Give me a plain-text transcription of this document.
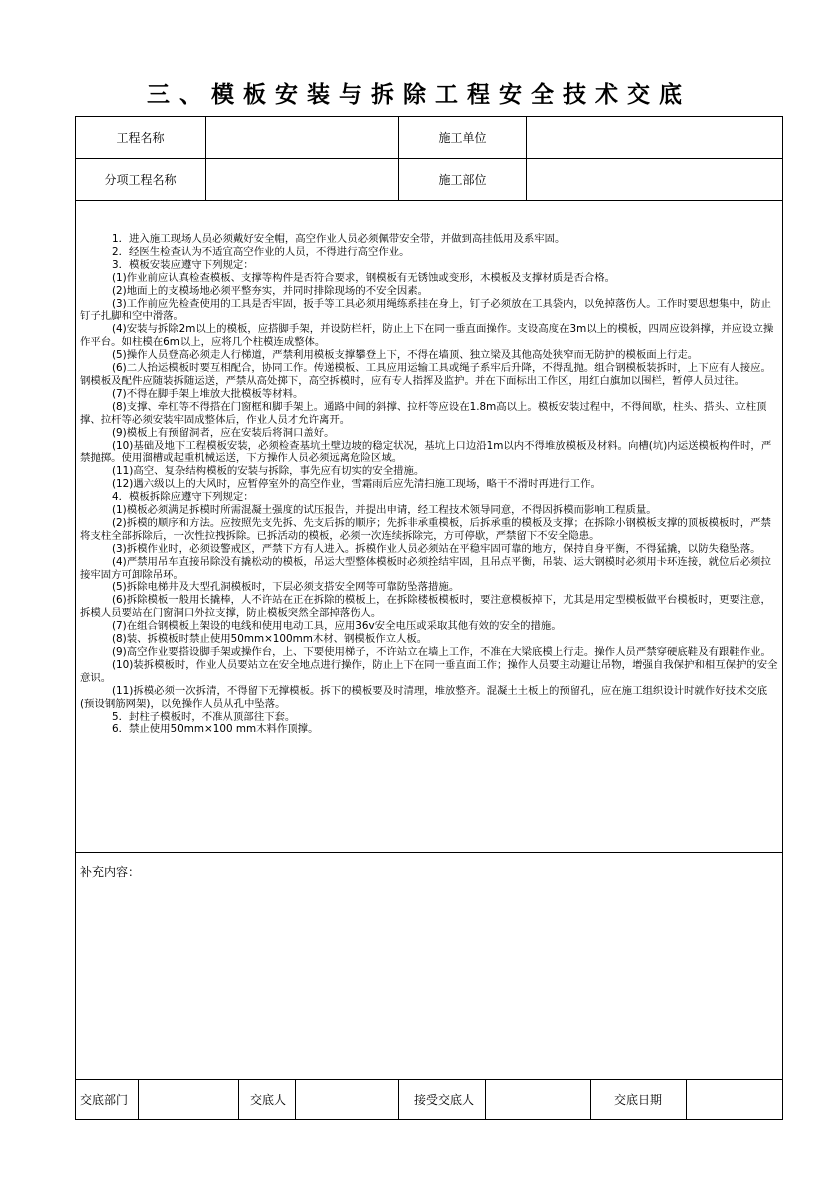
三、模板安装与拆除工程安全技术交底
工程名称	施工单位
分项工程名称	施工部位

1．进入施工现场人员必须戴好安全帽，高空作业人员必须佩带安全带，并做到高挂低用及系牢固。

2．经医生检查认为不适宜高空作业的人员，不得进行高空作业。

3．模板安装应遵守下列规定：

(1)作业前应认真检查模板、支撑等构件是否符合要求，钢模板有无锈蚀或变形，木模板及支撑材质是否合格。

(2)地面上的支模场地必须平整夯实，并同时排除现场的不安全因素。

(3)工作前应先检查使用的工具是否牢固，扳手等工具必须用绳练系挂在身上，钉子必须放在工具袋内，以免掉落伤人。工作时要思想集中，防止钉子扎脚和空中滑落。

(4)安装与拆除2m以上的模板，应搭脚手架，并设防栏杆，防止上下在同一垂直面操作。支设高度在3m以上的模板，四周应设斜撑，并应设立操作平台。如柱模在6m以上，应将几个柱模连成整体。

(5)操作人员登高必须走人行梯道，严禁利用模板支撑攀登上下，不得在墙顶、独立梁及其他高处狭窄而无防护的模板面上行走。

(6)二人抬运模板时要互相配合，协同工作。传递模板、工具应用运输工具或绳子系牢后升降，不得乱抛。组合钢模板装拆时，上下应有人接应。钢模板及配件应随装拆随运送，严禁从高处掷下，高空拆模时，应有专人指挥及监护。并在下面标出工作区，用红白旗加以围栏，暂停人员过往。

(7)不得在脚手架上堆放大批模板等材料。

(8)支撑、牵杠等不得搭在门窗框和脚手架上。通路中间的斜撑、拉杆等应设在1.8m高以上。模板安装过程中，不得间歇，柱头、搭头、立柱顶撑、拉杆等必须安装牢固成整体后，作业人员才允许离开。

(9)模板上有预留洞者，应在安装后将洞口盖好。

(10)基础及地下工程模板安装，必须检查基坑土壁边坡的稳定状况，基坑上口边沿1m以内不得堆放模板及材料。向槽(坑)内运送模板构件时，严禁抛掷。使用溜槽或起重机械运送，下方操作人员必须远离危险区域。

(11)高空、复杂结构模板的安装与拆除，事先应有切实的安全措施。

(12)遇六级以上的大风时，应暂停室外的高空作业，雪霜雨后应先清扫施工现场，略干不滑时再进行工作。

4．模板拆除应遵守下列规定：

(1)模板必须满足拆模时所需混凝土强度的试压报告，并提出申请，经工程技术领导同意，不得因拆模而影响工程质量。

(2)拆模的顺序和方法。应按照先支先拆、先支后拆的顺序；先拆非承重模板，后拆承重的模板及支撑；在拆除小钢模板支撑的顶板模板时，严禁将支柱全部拆除后，一次性拉拽拆除。已拆活动的模板，必须一次连续拆除完，方可停歇，严禁留下不安全隐患。

(3)拆模作业时，必须设警戒区，严禁下方有人进入。拆模作业人员必须站在平稳牢固可靠的地方，保持自身平衡，不得猛撬，以防失稳坠落。

(4)严禁用吊车直接吊除没有撬松动的模板，吊运大型整体模板时必须拴结牢固，且吊点平衡，吊装、运大钢模时必须用卡环连接，就位后必须拉接牢固方可卸除吊环。

(5)拆除电梯井及大型孔洞模板时，下层必须支搭安全网等可靠防坠落措施。

(6)拆除模板一般用长撬棒，人不许站在正在拆除的模板上，在拆除楼板模板时，要注意模板掉下，尤其是用定型模板做平台模板时，更要注意，拆模人员要站在门窗洞口外拉支撑，防止模板突然全部掉落伤人。

(7)在组合钢模板上架设的电线和使用电动工具，应用36v安全电压或采取其他有效的安全的措施。

(8)装、拆模板时禁止使用50mm×100mm木材、钢模板作立人板。

(9)高空作业要搭设脚手架或操作台，上、下要使用梯子，不许站立在墙上工作，不准在大梁底模上行走。操作人员严禁穿硬底鞋及有跟鞋作业。

(10)装拆模板时，作业人员要站立在安全地点进行操作，防止上下在同一垂直面工作；操作人员要主动避让吊物，增强自我保护和相互保护的安全意识。

(11)拆模必须一次拆清，不得留下无撑模板。拆下的模板要及时清理，堆放整齐。混凝土土板上的预留孔，应在施工组织设计时就作好技术交底(预设钢筋网架)，以免操作人员从孔中坠落。

5．封柱子模板时，不准从顶部往下套。

6．禁止使用50mm×100 mm木料作顶撑。

补充内容：
交底部门	交底人	接受交底人	交底日期
